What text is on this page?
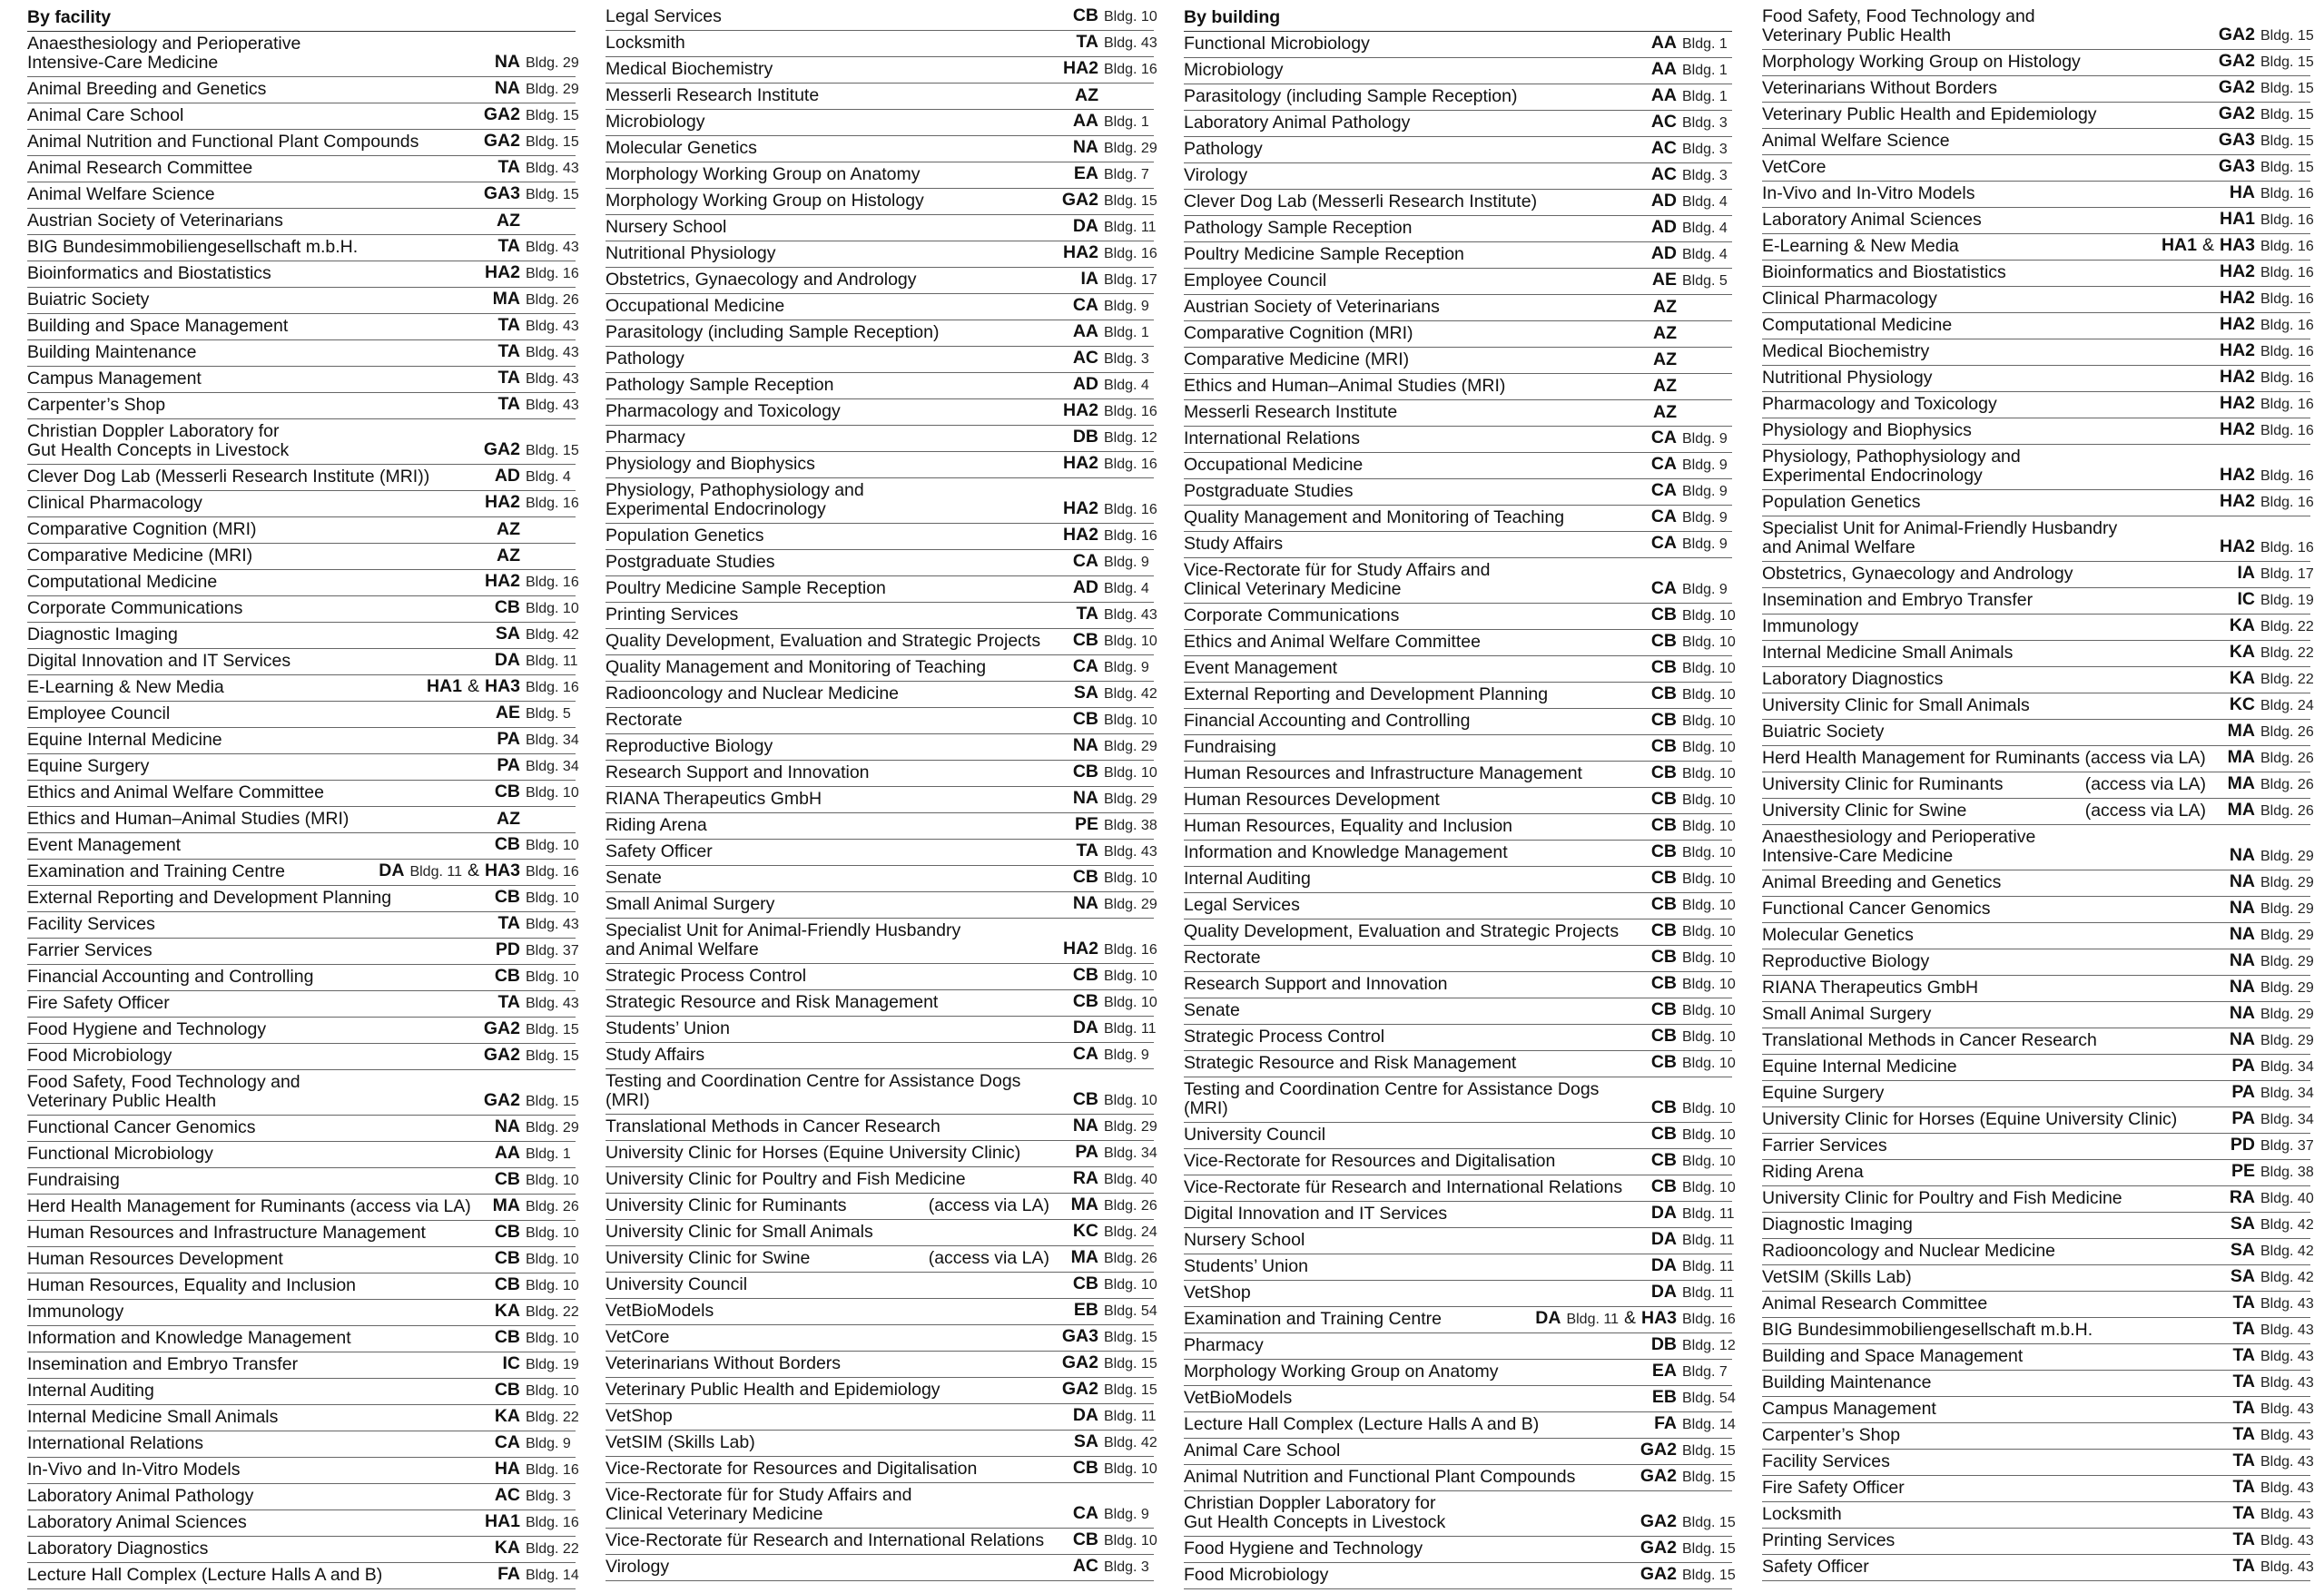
By facility
Anaesthesiology and Perioperative
Intensive-Care Medicine	NA Bldg. 29
Animal Breeding and Genetics	NA Bldg. 29
Animal Care School	GA2 Bldg. 15
Animal Nutrition and Functional Plant Compounds	GA2 Bldg. 15
Animal Research Committee	TA Bldg. 43
Animal Welfare Science	GA3 Bldg. 15
Austrian Society of Veterinarians	AZ
BIG Bundesimmobiliengesellschaft m.b.H.	TA Bldg. 43
Bioinformatics and Biostatistics	HA2 Bldg. 16
Buiatric Society	MA Bldg. 26
Building and Space Management	TA Bldg. 43
Building Maintenance	TA Bldg. 43
Campus Management	TA Bldg. 43
Carpenter’s Shop	TA Bldg. 43
Christian Doppler Laboratory for
Gut Health Concepts in Livestock	GA2 Bldg. 15
Clever Dog Lab (Messerli Research Institute (MRI))	AD Bldg. 4
Clinical Pharmacology	HA2 Bldg. 16
Comparative Cognition (MRI)	AZ
Comparative Medicine (MRI)	AZ
Computational Medicine	HA2 Bldg. 16
Corporate Communications	CB Bldg. 10
Diagnostic Imaging	SA Bldg. 42
Digital Innovation and IT Services	DA Bldg. 11
E-Learning & New Media	HA1 & HA3 Bldg. 16
Employee Council	AE Bldg. 5
Equine Internal Medicine	PA Bldg. 34
Equine Surgery	PA Bldg. 34
Ethics and Animal Welfare Committee	CB Bldg. 10
Ethics and Human–Animal Studies (MRI)	AZ
Event Management	CB Bldg. 10
Examination and Training Centre	DA Bldg. 11 & HA3 Bldg. 16
External Reporting and Development Planning	CB Bldg. 10
Facility Services	TA Bldg. 43
Farrier Services	PD Bldg. 37
Financial Accounting and Controlling	CB Bldg. 10
Fire Safety Officer	TA Bldg. 43
Food Hygiene and Technology	GA2 Bldg. 15
Food Microbiology	GA2 Bldg. 15
Food Safety, Food Technology and
Veterinary Public Health	GA2 Bldg. 15
Functional Cancer Genomics	NA Bldg. 29
Functional Microbiology	AA Bldg. 1
Fundraising	CB Bldg. 10
Herd Health Management for Ruminants (access via LA) MA Bldg. 26
Human Resources and Infrastructure Management	CB Bldg. 10
Human Resources Development	CB Bldg. 10
Human Resources, Equality and Inclusion	CB Bldg. 10
Immunology	KA Bldg. 22
Information and Knowledge Management	CB Bldg. 10
Insemination and Embryo Transfer	IC Bldg. 19
Internal Auditing	CB Bldg. 10
Internal Medicine Small Animals	KA Bldg. 22
International Relations	CA Bldg. 9
In-Vivo and In-Vitro Models	HA Bldg. 16
Laboratory Animal Pathology	AC Bldg. 3
Laboratory Animal Sciences	HA1 Bldg. 16
Laboratory Diagnostics	KA Bldg. 22
Lecture Hall Complex (Lecture Halls A and B)	FA Bldg. 14
Legal Services	CB Bldg. 10
Locksmith	TA Bldg. 43
Medical Biochemistry	HA2 Bldg. 16
Messerli Research Institute	AZ
Microbiology	AA Bldg. 1
Molecular Genetics	NA Bldg. 29
Morphology Working Group on Anatomy	EA Bldg. 7
Morphology Working Group on Histology	GA2 Bldg. 15
Nursery School	DA Bldg. 11
Nutritional Physiology	HA2 Bldg. 16
Obstetrics, Gynaecology and Andrology	IA Bldg. 17
Occupational Medicine	CA Bldg. 9
Parasitology (including Sample Reception)	AA Bldg. 1
Pathology	AC Bldg. 3
Pathology Sample Reception	AD Bldg. 4
Pharmacology and Toxicology	HA2 Bldg. 16
Pharmacy	DB Bldg. 12
Physiology and Biophysics	HA2 Bldg. 16
Physiology, Pathophysiology and
Experimental Endocrinology	HA2 Bldg. 16
Population Genetics	HA2 Bldg. 16
Postgraduate Studies	CA Bldg. 9
Poultry Medicine Sample Reception	AD Bldg. 4
Printing Services	TA Bldg. 43
Quality Development, Evaluation and Strategic Projects CB Bldg. 10
Quality Management and Monitoring of Teaching	CA Bldg. 9
Radiooncology and Nuclear Medicine	SA Bldg. 42
Rectorate	CB Bldg. 10
Reproductive Biology	NA Bldg. 29
Research Support and Innovation	CB Bldg. 10
RIANA Therapeutics GmbH	NA Bldg. 29
Riding Arena	PE Bldg. 38
Safety Officer	TA Bldg. 43
Senate	CB Bldg. 10
Small Animal Surgery	NA Bldg. 29
Specialist Unit for Animal-Friendly Husbandry
and Animal Welfare	HA2 Bldg. 16
Strategic Process Control	CB Bldg. 10
Strategic Resource and Risk Management	CB Bldg. 10
Students’ Union	DA Bldg. 11
Study Affairs	CA Bldg. 9
Testing and Coordination Centre for Assistance Dogs
(MRI)	CB Bldg. 10
Translational Methods in Cancer Research	NA Bldg. 29
University Clinic for Horses (Equine University Clinic)	PA Bldg. 34
University Clinic for Poultry and Fish Medicine	RA Bldg. 40
University Clinic for Ruminants	(access via LA) MA Bldg. 26
University Clinic for Small Animals	KC Bldg. 24
University Clinic for Swine	(access via LA) MA Bldg. 26
University Council	CB Bldg. 10
VetBioModels	EB Bldg. 54
VetCore	GA3 Bldg. 15
Veterinarians Without Borders	GA2 Bldg. 15
Veterinary Public Health and Epidemiology	GA2 Bldg. 15
VetShop	DA Bldg. 11
VetSIM (Skills Lab)	SA Bldg. 42
Vice-Rectorate for Resources and Digitalisation	CB Bldg. 10
Vice-Rectorate für for Study Affairs and
Clinical Veterinary Medicine	CA Bldg. 9
Vice-Rectorate für Research and International Relations CB Bldg. 10
Virology	AC Bldg. 3
By building
Functional Microbiology	AA Bldg. 1
Microbiology	AA Bldg. 1
Parasitology (including Sample Reception)	AA Bldg. 1
Laboratory Animal Pathology	AC Bldg. 3
Pathology	AC Bldg. 3
Virology	AC Bldg. 3
Clever Dog Lab (Messerli Research Institute)	AD Bldg. 4
Pathology Sample Reception	AD Bldg. 4
Poultry Medicine Sample Reception	AD Bldg. 4
Employee Council	AE Bldg. 5
Austrian Society of Veterinarians	AZ
Comparative Cognition (MRI)	AZ
Comparative Medicine (MRI)	AZ
Ethics and Human–Animal Studies (MRI)	AZ
Messerli Research Institute	AZ
International Relations	CA Bldg. 9
Occupational Medicine	CA Bldg. 9
Postgraduate Studies	CA Bldg. 9
Quality Management and Monitoring of Teaching	CA Bldg. 9
Study Affairs	CA Bldg. 9
Vice-Rectorate für for Study Affairs and
Clinical Veterinary Medicine	CA Bldg. 9
Corporate Communications	CB Bldg. 10
Ethics and Animal Welfare Committee	CB Bldg. 10
Event Management	CB Bldg. 10
External Reporting and Development Planning	CB Bldg. 10
Financial Accounting and Controlling	CB Bldg. 10
Fundraising	CB Bldg. 10
Human Resources and Infrastructure Management	CB Bldg. 10
Human Resources Development	CB Bldg. 10
Human Resources, Equality and Inclusion	CB Bldg. 10
Information and Knowledge Management	CB Bldg. 10
Internal Auditing	CB Bldg. 10
Legal Services	CB Bldg. 10
Quality Development, Evaluation and Strategic Projects CB Bldg. 10
Rectorate	CB Bldg. 10
Research Support and Innovation	CB Bldg. 10
Senate	CB Bldg. 10
Strategic Process Control	CB Bldg. 10
Strategic Resource and Risk Management	CB Bldg. 10
Testing and Coordination Centre for Assistance Dogs
(MRI)	CB Bldg. 10
University Council	CB Bldg. 10
Vice-Rectorate for Resources and Digitalisation	CB Bldg. 10
Vice-Rectorate für Research and International Relations CB Bldg. 10
Digital Innovation and IT Services	DA Bldg. 11
Nursery School	DA Bldg. 11
Students’ Union	DA Bldg. 11
VetShop	DA Bldg. 11
Examination and Training Centre	DA Bldg. 11 & HA3 Bldg. 16
Pharmacy	DB Bldg. 12
Morphology Working Group on Anatomy	EA Bldg. 7
VetBioModels	EB Bldg. 54
Lecture Hall Complex (Lecture Halls A and B)	FA Bldg. 14
Animal Care School	GA2 Bldg. 15
Animal Nutrition and Functional Plant Compounds	GA2 Bldg. 15
Christian Doppler Laboratory for
Gut Health Concepts in Livestock	GA2 Bldg. 15
Food Hygiene and Technology	GA2 Bldg. 15
Food Microbiology	GA2 Bldg. 15
Food Safety, Food Technology and
Veterinary Public Health	GA2 Bldg. 15
Morphology Working Group on Histology	GA2 Bldg. 15
Veterinarians Without Borders	GA2 Bldg. 15
Veterinary Public Health and Epidemiology	GA2 Bldg. 15
Animal Welfare Science	GA3 Bldg. 15
VetCore	GA3 Bldg. 15
In-Vivo and In-Vitro Models	HA Bldg. 16
Laboratory Animal Sciences	HA1 Bldg. 16
E-Learning & New Media	HA1 & HA3 Bldg. 16
Bioinformatics and Biostatistics	HA2 Bldg. 16
Clinical Pharmacology	HA2 Bldg. 16
Computational Medicine	HA2 Bldg. 16
Medical Biochemistry	HA2 Bldg. 16
Nutritional Physiology	HA2 Bldg. 16
Pharmacology and Toxicology	HA2 Bldg. 16
Physiology and Biophysics	HA2 Bldg. 16
Physiology, Pathophysiology and
Experimental Endocrinology	HA2 Bldg. 16
Population Genetics	HA2 Bldg. 16
Specialist Unit for Animal-Friendly Husbandry
and Animal Welfare	HA2 Bldg. 16
Obstetrics, Gynaecology and Andrology	IA Bldg. 17
Insemination and Embryo Transfer	IC Bldg. 19
Immunology	KA Bldg. 22
Internal Medicine Small Animals	KA Bldg. 22
Laboratory Diagnostics	KA Bldg. 22
University Clinic for Small Animals	KC Bldg. 24
Buiatric Society	MA Bldg. 26
Herd Health Management for Ruminants (access via LA) MA Bldg. 26
University Clinic for Ruminants	(access via LA) MA Bldg. 26
University Clinic for Swine	(access via LA) MA Bldg. 26
Anaesthesiology and Perioperative
Intensive-Care Medicine	NA Bldg. 29
Animal Breeding and Genetics	NA Bldg. 29
Functional Cancer Genomics	NA Bldg. 29
Molecular Genetics	NA Bldg. 29
Reproductive Biology	NA Bldg. 29
RIANA Therapeutics GmbH	NA Bldg. 29
Small Animal Surgery	NA Bldg. 29
Translational Methods in Cancer Research	NA Bldg. 29
Equine Internal Medicine	PA Bldg. 34
Equine Surgery	PA Bldg. 34
University Clinic for Horses (Equine University Clinic)	PA Bldg. 34
Farrier Services	PD Bldg. 37
Riding Arena	PE Bldg. 38
University Clinic for Poultry and Fish Medicine	RA Bldg. 40
Diagnostic Imaging	SA Bldg. 42
Radiooncology and Nuclear Medicine	SA Bldg. 42
VetSIM (Skills Lab)	SA Bldg. 42
Animal Research Committee	TA Bldg. 43
BIG Bundesimmobiliengesellschaft m.b.H.	TA Bldg. 43
Building and Space Management	TA Bldg. 43
Building Maintenance	TA Bldg. 43
Campus Management	TA Bldg. 43
Carpenter’s Shop	TA Bldg. 43
Facility Services	TA Bldg. 43
Fire Safety Officer	TA Bldg. 43
Locksmith	TA Bldg. 43
Printing Services	TA Bldg. 43
Safety Officer	TA Bldg. 43
